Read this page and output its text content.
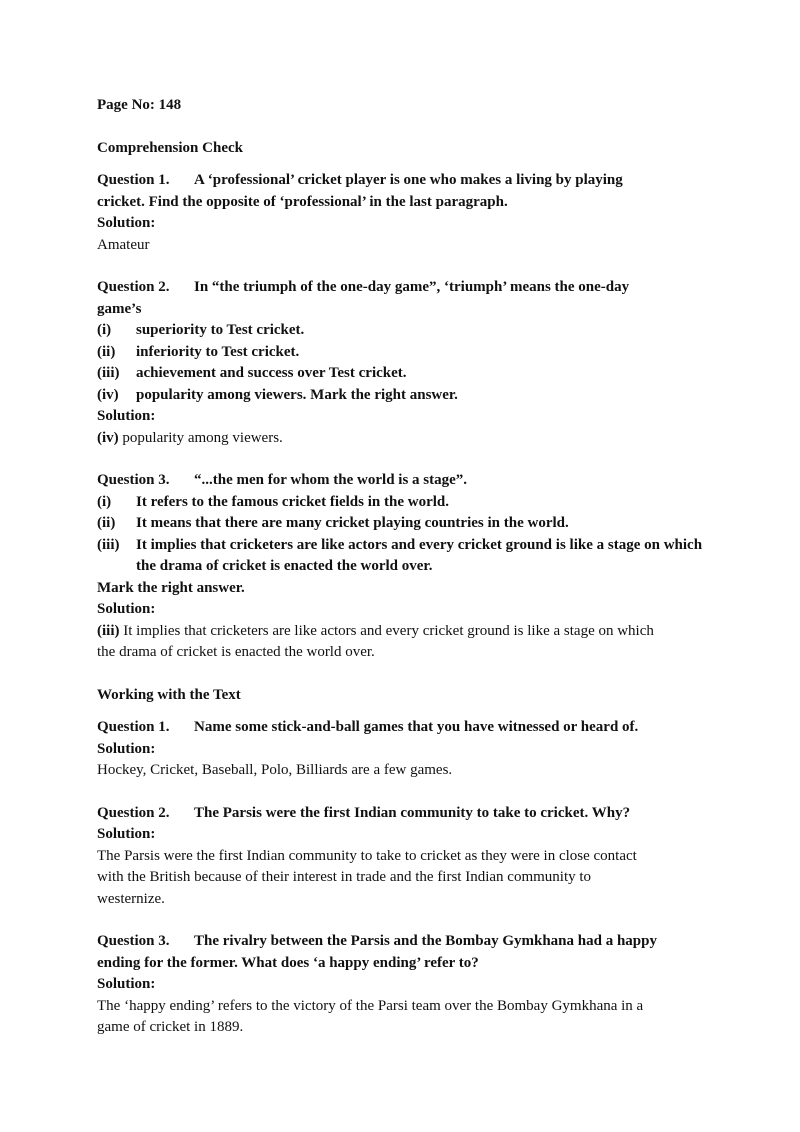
Page No: 148
Comprehension Check
Question 1. A ‘professional’ cricket player is one who makes a living by playing
cricket. Find the opposite of ‘professional’ in the last paragraph.
Solution:
Amateur
Question 2. In “the triumph of the one-day game”, ‘triumph’ means the one-day
game’s
(i)	superiority to Test cricket.
(ii)	inferiority to Test cricket.
(iii)	achievement and success over Test cricket.
(iv)	popularity among viewers. Mark the right answer.
Solution:
(iv) popularity among viewers.
Question 3. “...the men for whom the world is a stage”.
(i)	It refers to the famous cricket fields in the world.
(ii)	It means that there are many cricket playing countries in the world.
(iii)	It implies that cricketers are like actors and every cricket ground is like a stage on which the drama of cricket is enacted the world over.
Mark the right answer.
Solution:
(iii) It implies that cricketers are like actors and every cricket ground is like a stage on which
the drama of cricket is enacted the world over.
Working with the Text
Question 1. Name some stick-and-ball games that you have witnessed or heard of.
Solution:
Hockey, Cricket, Baseball, Polo, Billiards are a few games.
Question 2. The Parsis were the first Indian community to take to cricket. Why?
Solution:
The Parsis were the first Indian community to take to cricket as they were in close contact
with the British because of their interest in trade and the first Indian community to
westernize.
Question 3. The rivalry between the Parsis and the Bombay Gymkhana had a happy
ending for the former. What does ‘a happy ending’ refer to?
Solution:
The ‘happy ending’ refers to the victory of the Parsi team over the Bombay Gymkhana in a
game of cricket in 1889.
